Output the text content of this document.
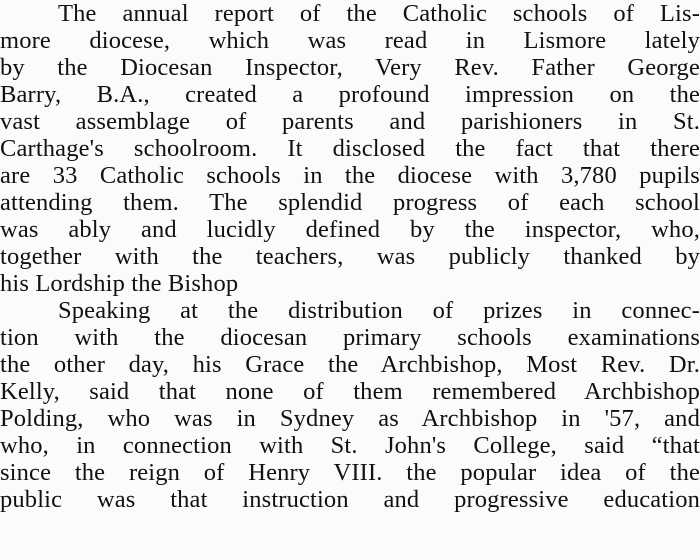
The annual report of the Catholic schools of Lis-
more diocese, which was read in Lismore lately
by the Diocesan Inspector, Very Rev. Father George
Barry, B.A., created a profound impression on the
vast assemblage of parents and parishioners in St.
Carthage's schoolroom. It disclosed the fact that there
are 33 Catholic schools in the diocese with 3,780 pupils
attending them. The splendid progress of each school
was ably and lucidly defined by the inspector, who,
together with the teachers, was publicly thanked by
his Lordship the Bishop
Speaking at the distribution of prizes in connec-
tion with the diocesan primary schools examinations
the other day, his Grace the Archbishop, Most Rev. Dr.
Kelly, said that none of them remembered Archbishop
Polding, who was in Sydney as Archbishop in '57, and
who, in connection with St. John's College, said “that
since the reign of Henry VIII. the popular idea of the
public was that instruction and progressive education
